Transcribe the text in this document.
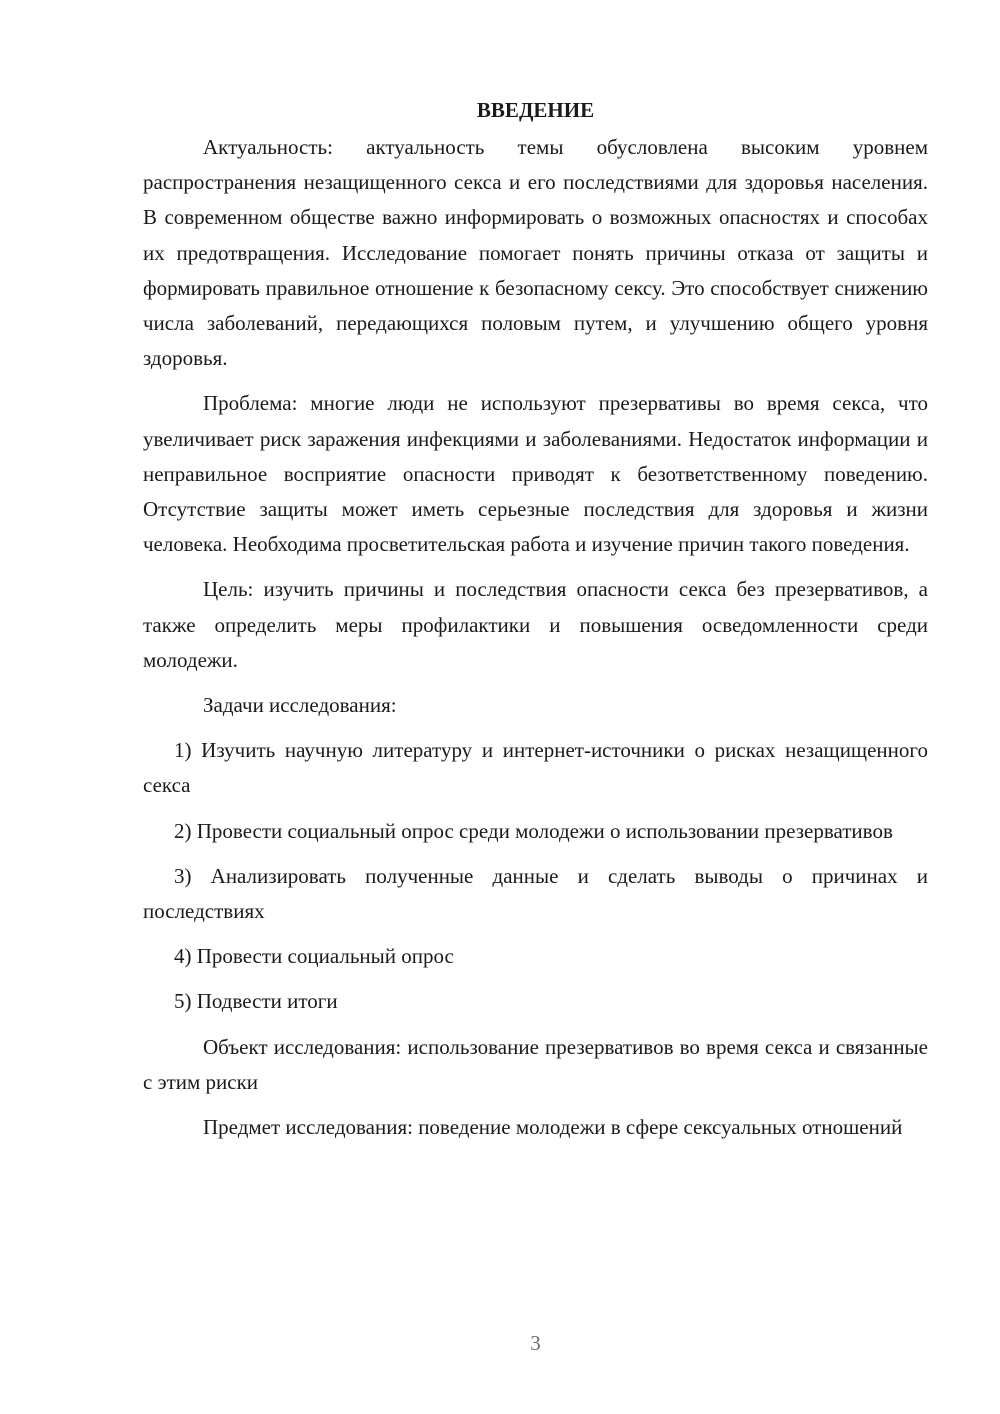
ВВЕДЕНИЕ

Актуальность: актуальность темы обусловлена высоким уровнем распространения незащищенного секса и его последствиями для здоровья населения. В современном обществе важно информировать о возможных опасностях и способах их предотвращения. Исследование помогает понять причины отказа от защиты и формировать правильное отношение к безопасному сексу. Это способствует снижению числа заболеваний, передающихся половым путем, и улучшению общего уровня здоровья.

Проблема: многие люди не используют презервативы во время секса, что увеличивает риск заражения инфекциями и заболеваниями. Недостаток информации и неправильное восприятие опасности приводят к безответственному поведению. Отсутствие защиты может иметь серьезные последствия для здоровья и жизни человека. Необходима просветительская работа и изучение причин такого поведения.

Цель: изучить причины и последствия опасности секса без презервативов, а также определить меры профилактики и повышения осведомленности среди молодежи.

Задачи исследования:

1) Изучить научную литературу и интернет-источники о рисках незащищенного секса
2) Провести социальный опрос среди молодежи о использовании презервативов
3) Анализировать полученные данные и сделать выводы о причинах и последствиях
4) Провести социальный опрос
5) Подвести итоги

Объект исследования: использование презервативов во время секса и связанные с этим риски

Предмет исследования: поведение молодежи в сфере сексуальных отношений

3
